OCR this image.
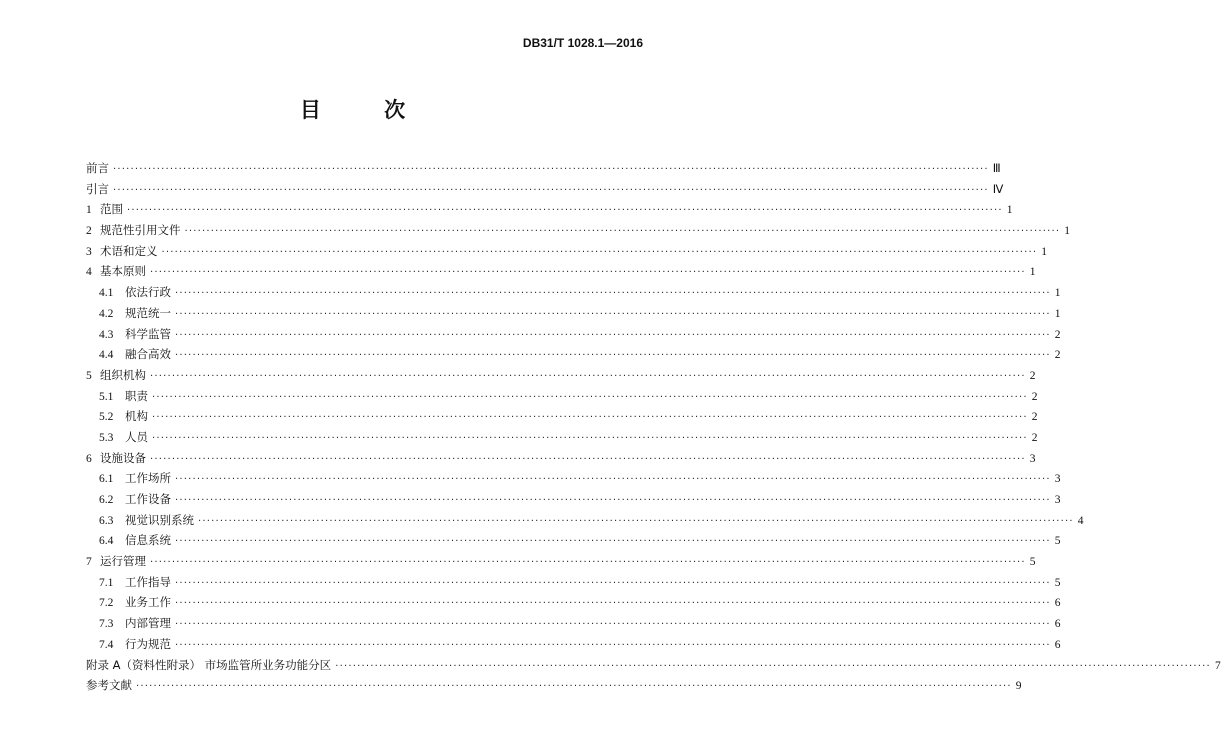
DB31/T 1028.1—2016
目 次
前言 ········································································································································································································ Ⅲ
引言 ········································································································································································································ Ⅳ
1 范围 ········································································································································································································ 1
2 规范性引用文件 ········································································································································································································ 1
3 术语和定义 ········································································································································································································ 1
4 基本原则 ········································································································································································································ 1
4.1	依法行政 ········································································································································································································ 1
4.2	规范统一 ········································································································································································································ 1
4.3	科学监管 ········································································································································································································ 2
4.4	融合高效 ········································································································································································································ 2
5 组织机构 ········································································································································································································ 2
5.1	职责 ········································································································································································································ 2
5.2	机构 ········································································································································································································ 2
5.3	人员 ········································································································································································································ 2
6 设施设备 ········································································································································································································ 3
6.1	工作场所 ········································································································································································································ 3
6.2	工作设备 ········································································································································································································ 3
6.3	视觉识别系统 ········································································································································································································ 4
6.4	信息系统 ········································································································································································································ 5
7 运行管理 ········································································································································································································ 5
7.1	工作指导 ········································································································································································································ 5
7.2	业务工作 ········································································································································································································ 6
7.3	内部管理 ········································································································································································································ 6
7.4	行为规范 ········································································································································································································ 6
附录 A（资料性附录） 市场监管所业务功能分区 ········································································································································································································ 7
参考文献 ········································································································································································································ 9
